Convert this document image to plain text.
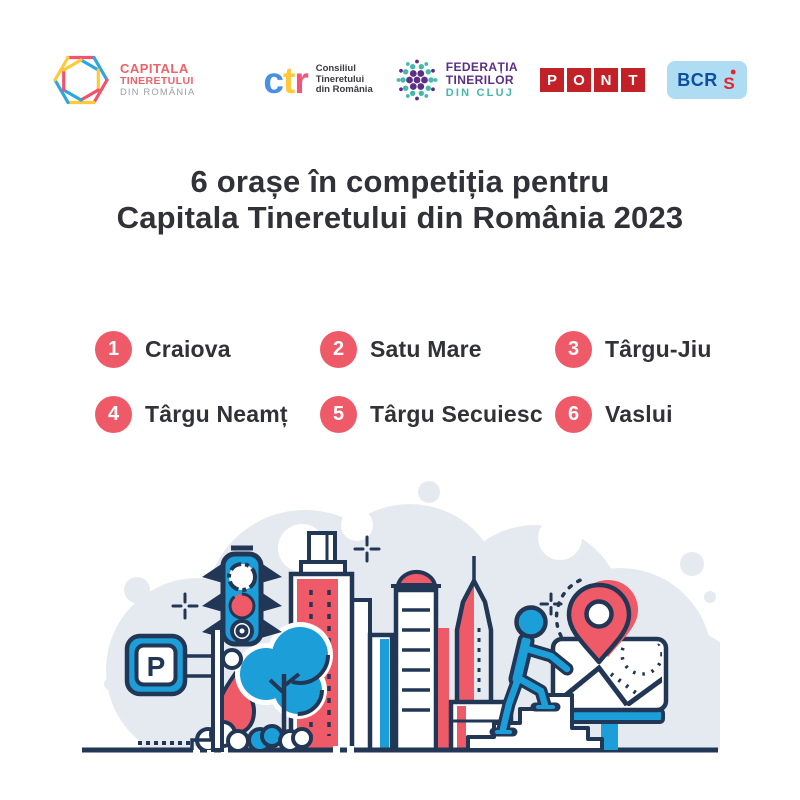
CAPITALA
TINERETULUI
DIN ROMÂNIA ctr Consiliul
Tineretului
din România
FEDERAȚIA
TINERILOR
DIN CLUJ
P	O	N	T	BCR S
6 orașe în competiția pentru
Capitala Tineretului din România 2023
1	Craiova	2	Satu Mare	3	Târgu-Jiu
4	Târgu Neamț	5	Târgu Secuiesc	6	Vaslui
P
